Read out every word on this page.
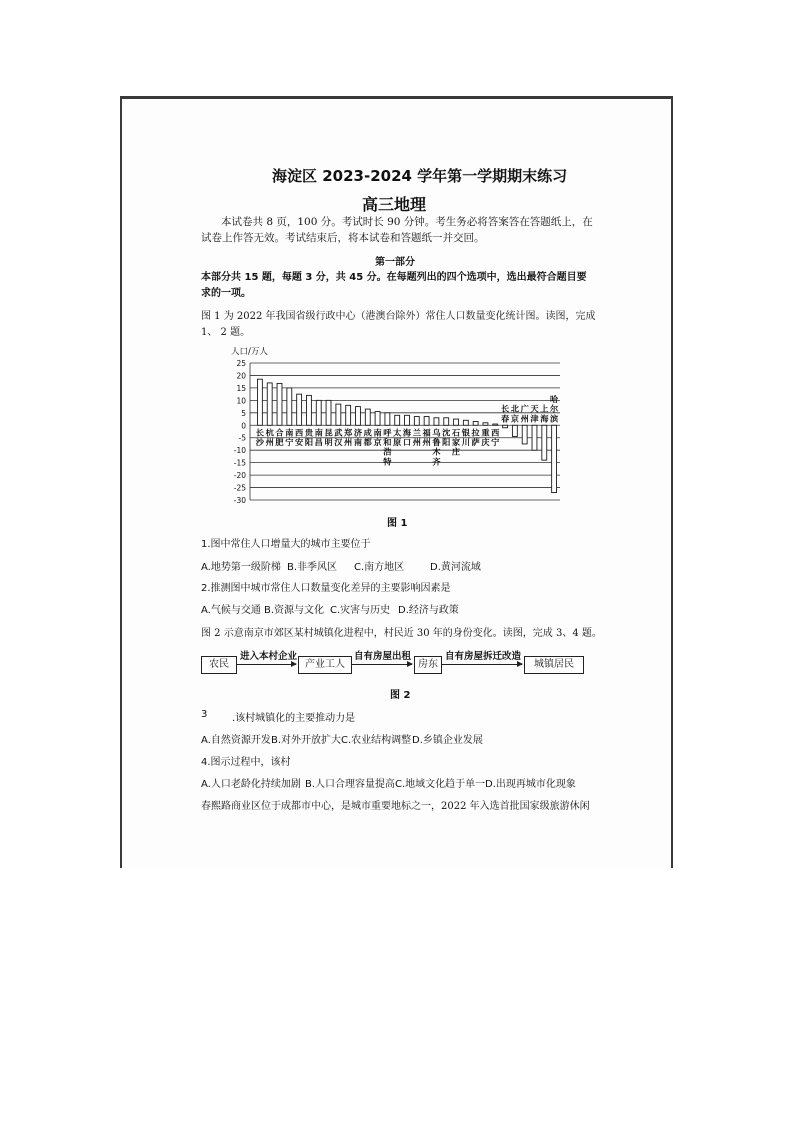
海淀区 2023-2024 学年第一学期期末练习
高三地理
本试卷共 8 页，100 分。考试时长 90 分钟。考生务必将答案答在答题纸上，在试卷上作答无效。考试结束后，将本试卷和答题纸一并交回。
第一部分
本部分共 15 题，每题 3 分，共 45 分。在每题列出的四个选项中，选出最符合题目要求的一项。
图 1 为 2022 年我国省级行政中心（港澳台除外）常住人口数量变化统计图。读图，完成 1、 2 题。
人口/万人
25
20
15
10
5
0
-5
-10
-15
-20
-25
-30
长
沙
杭
州
合
肥
南
宁
西
安
贵
阳
南
昌
昆
明
武
汉
郑
州
济
南
成
都
南
京
呼
和
浩
特
太
原
海
口
兰
州
福
州
乌
鲁
木
齐
沈
阳
石
家
庄
银
川
拉
萨
重
庆
西
宁
长
春
北
京
广
州
天
津
上
海
哈
尔
滨
图 1
1.图中常住人口增量大的城市主要位于
A.地势第一级阶梯 B.非季风区 C.南方地区	D.黄河流域
2.推测图中城市常住人口数量变化差异的主要影响因素是
A.气候与交通 B.资源与文化 C.灾害与历史 D.经济与政策
图 2 示意南京市郊区某村城镇化进程中，村民近 30 年的身份变化。读图，完成 3、4 题。
农民
进入本村企业
产业工人
自有房屋出租
房东
自有房屋拆迁改造
城镇居民
图 2
3 .该村城镇化的主要推动力是
A.自然资源开发 B.对外开放扩大 C.农业结构调整 D.乡镇企业发展
4.图示过程中，该村
A.人口老龄化持续加剧 B.人口合理容量提高 C.地域文化趋于单一 D.出现再城市化现象
春熙路商业区位于成都市中心，是城市重要地标之一，2022 年入选首批国家级旅游休闲
